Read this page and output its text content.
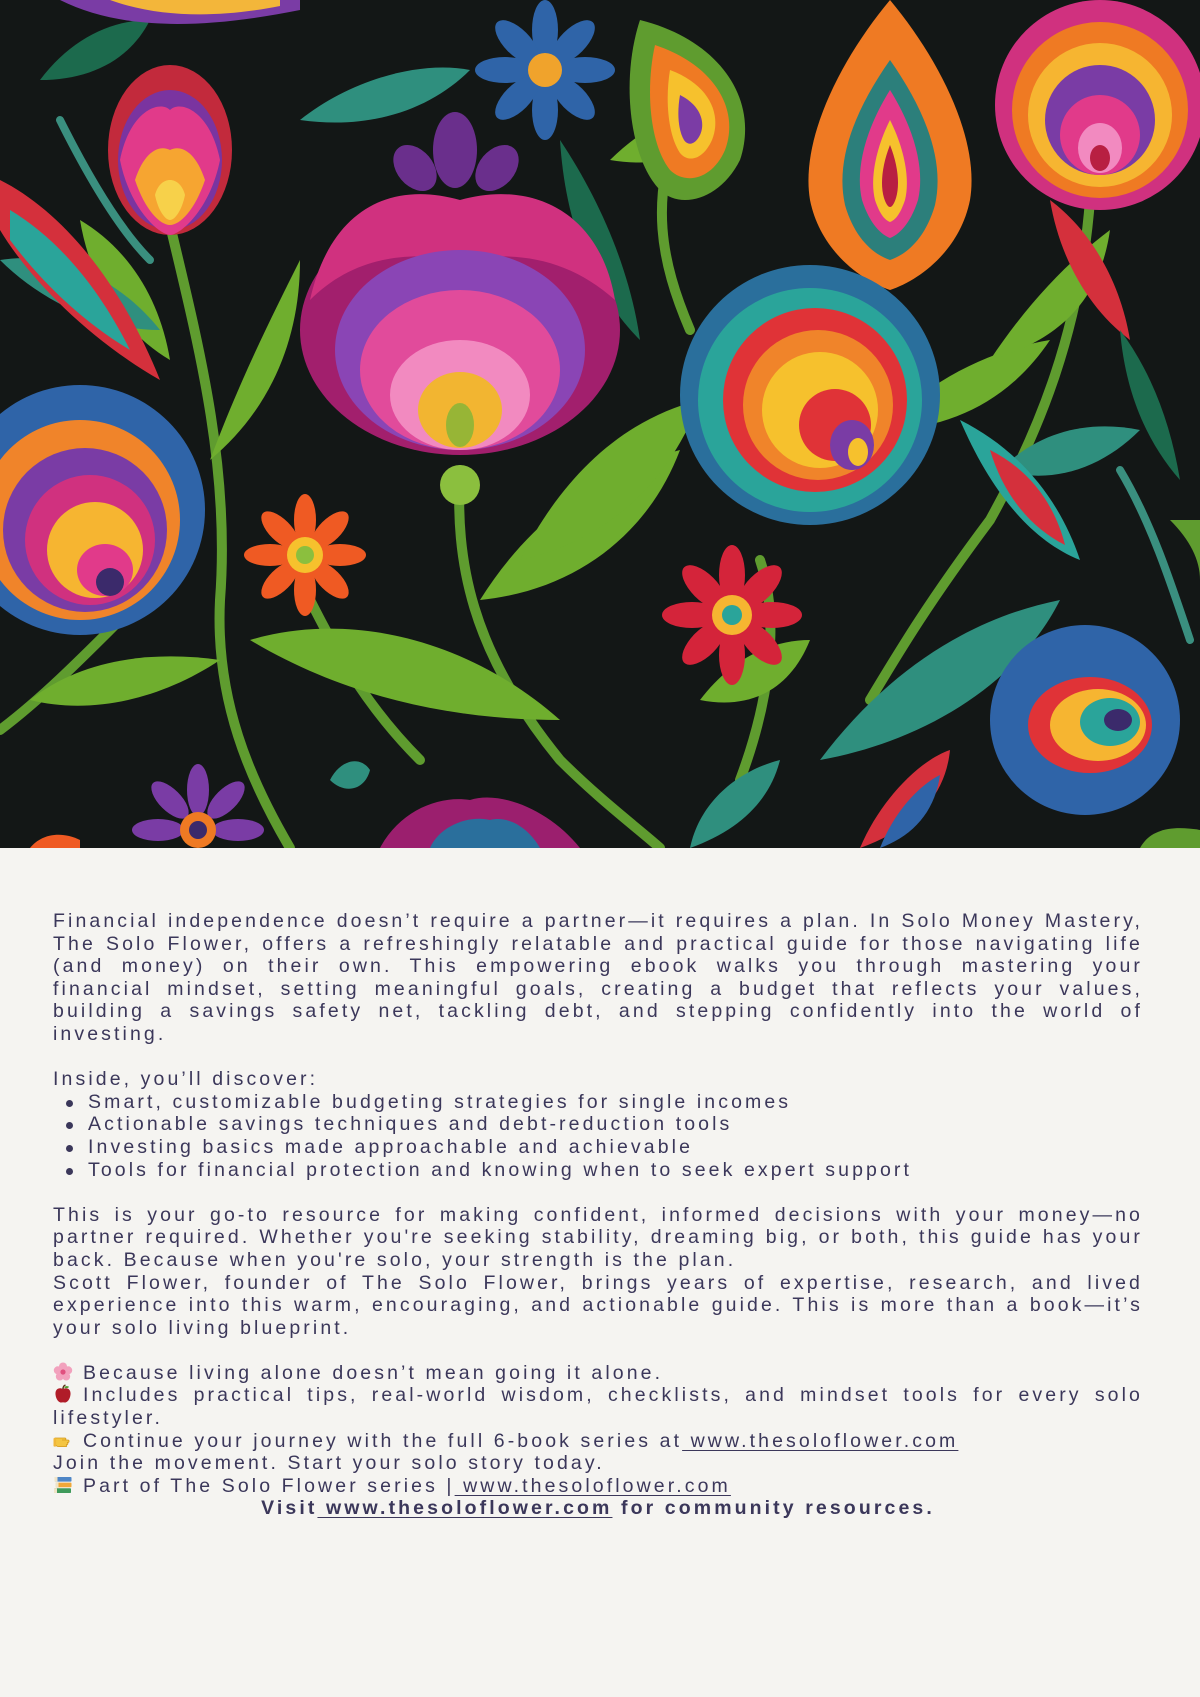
Financial independence doesn’t require a partner—it requires a plan. In Solo Money Mastery, The Solo Flower, offers a refreshingly relatable and practical guide for those navigating life (and money) on their own. This empowering ebook walks you through mastering your financial mindset, setting meaningful goals, creating a budget that reflects your values, building a savings safety net, tackling debt, and stepping confidently into the world of investing.

Inside, you’ll discover:

Smart, customizable budgeting strategies for single incomes
Actionable savings techniques and debt-reduction tools
Investing basics made approachable and achievable
Tools for financial protection and knowing when to seek expert support

This is your go-to resource for making confident, informed decisions with your money—no partner required. Whether you're seeking stability, dreaming big, or both, this guide has your back. Because when you're solo, your strength is the plan.

Scott Flower, founder of The Solo Flower, brings years of expertise, research, and lived experience into this warm, encouraging, and actionable guide. This is more than a book—it’s your solo living blueprint.

Because living alone doesn’t mean going it alone.

Includes practical tips, real-world wisdom, checklists, and mindset tools for every solo lifestyler.

Continue your journey with the full 6-book series at www.thesoloflower.com

Join the movement. Start your solo story today.

Part of The Solo Flower series | www.thesoloflower.com

Visit www.thesoloflower.com for community resources.
